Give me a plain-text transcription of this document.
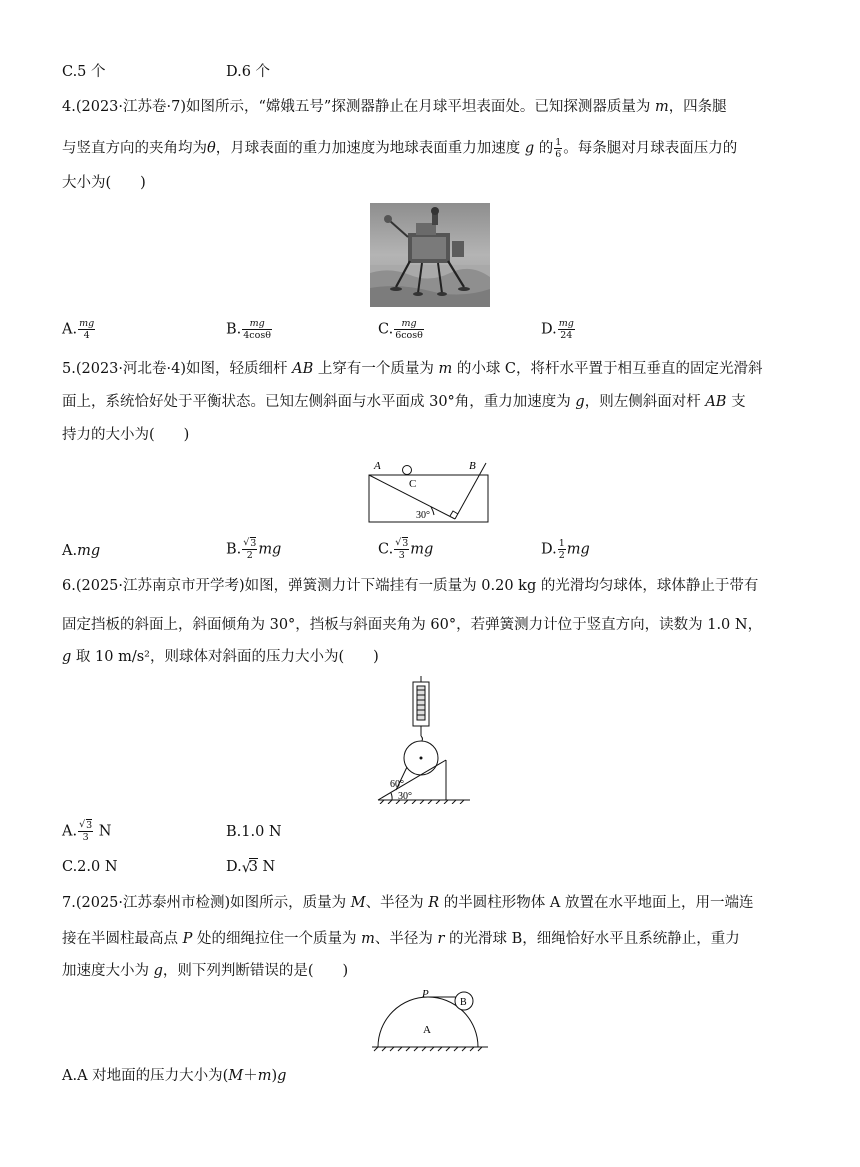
C.5 个	D.6 个
4.(2023·江苏卷·7)如图所示，“嫦娥五号”探测器静止在月球平坦表面处。已知探测器质量为 m，四条腿
与竖直方向的夹角均为θ，月球表面的重力加速度为地球表面重力加速度 g 的 $\frac{1}{6}$ 。每条腿对月球表面压力的
大小为(　　)
A. $\frac{mg}{4}$	B. $\frac{mg}{4\cos\theta}$	C. $\frac{mg}{6\cos\theta}$	D. $\frac{mg}{24}$
5.(2023·河北卷·4)如图，轻质细杆 AB 上穿有一个质量为 m 的小球 C，将杆水平置于相互垂直的固定光滑斜
面上，系统恰好处于平衡状态。已知左侧斜面与水平面成 30°角，重力加速度为 g，则左侧斜面对杆 AB 支
持力的大小为(　　)
A	B
C
30°
A.mg	B. √ $\frac{3}{2}$ mg	C. √ $\frac{3}{3}$ mg	D. $\frac{1}{2}$ mg
6.(2025·江苏南京市开学考)如图，弹簧测力计下端挂有一质量为 0.20 kg 的光滑均匀球体，球体静止于带有
固定挡板的斜面上，斜面倾角为 30°，挡板与斜面夹角为 60°，若弹簧测力计位于竖直方向，读数为 1.0 N，
g 取 10 m/s²，则球体对斜面的压力大小为(　　)
60°
30°
A. √ $\frac{3}{3}$ N	B.1.0 N
C.2.0 N	D. √ 3 N
7.(2025·江苏泰州市检测)如图所示，质量为 M、半径为 R 的半圆柱形物体 A 放置在水平地面上，用一端连
接在半圆柱最高点 P 处的细绳拉住一个质量为 m、半径为 r 的光滑球 B，细绳恰好水平且系统静止，重力
加速度大小为 g，则下列判断错误的是(　　)
P
A
B
A.A 对地面的压力大小为(M＋m)g
